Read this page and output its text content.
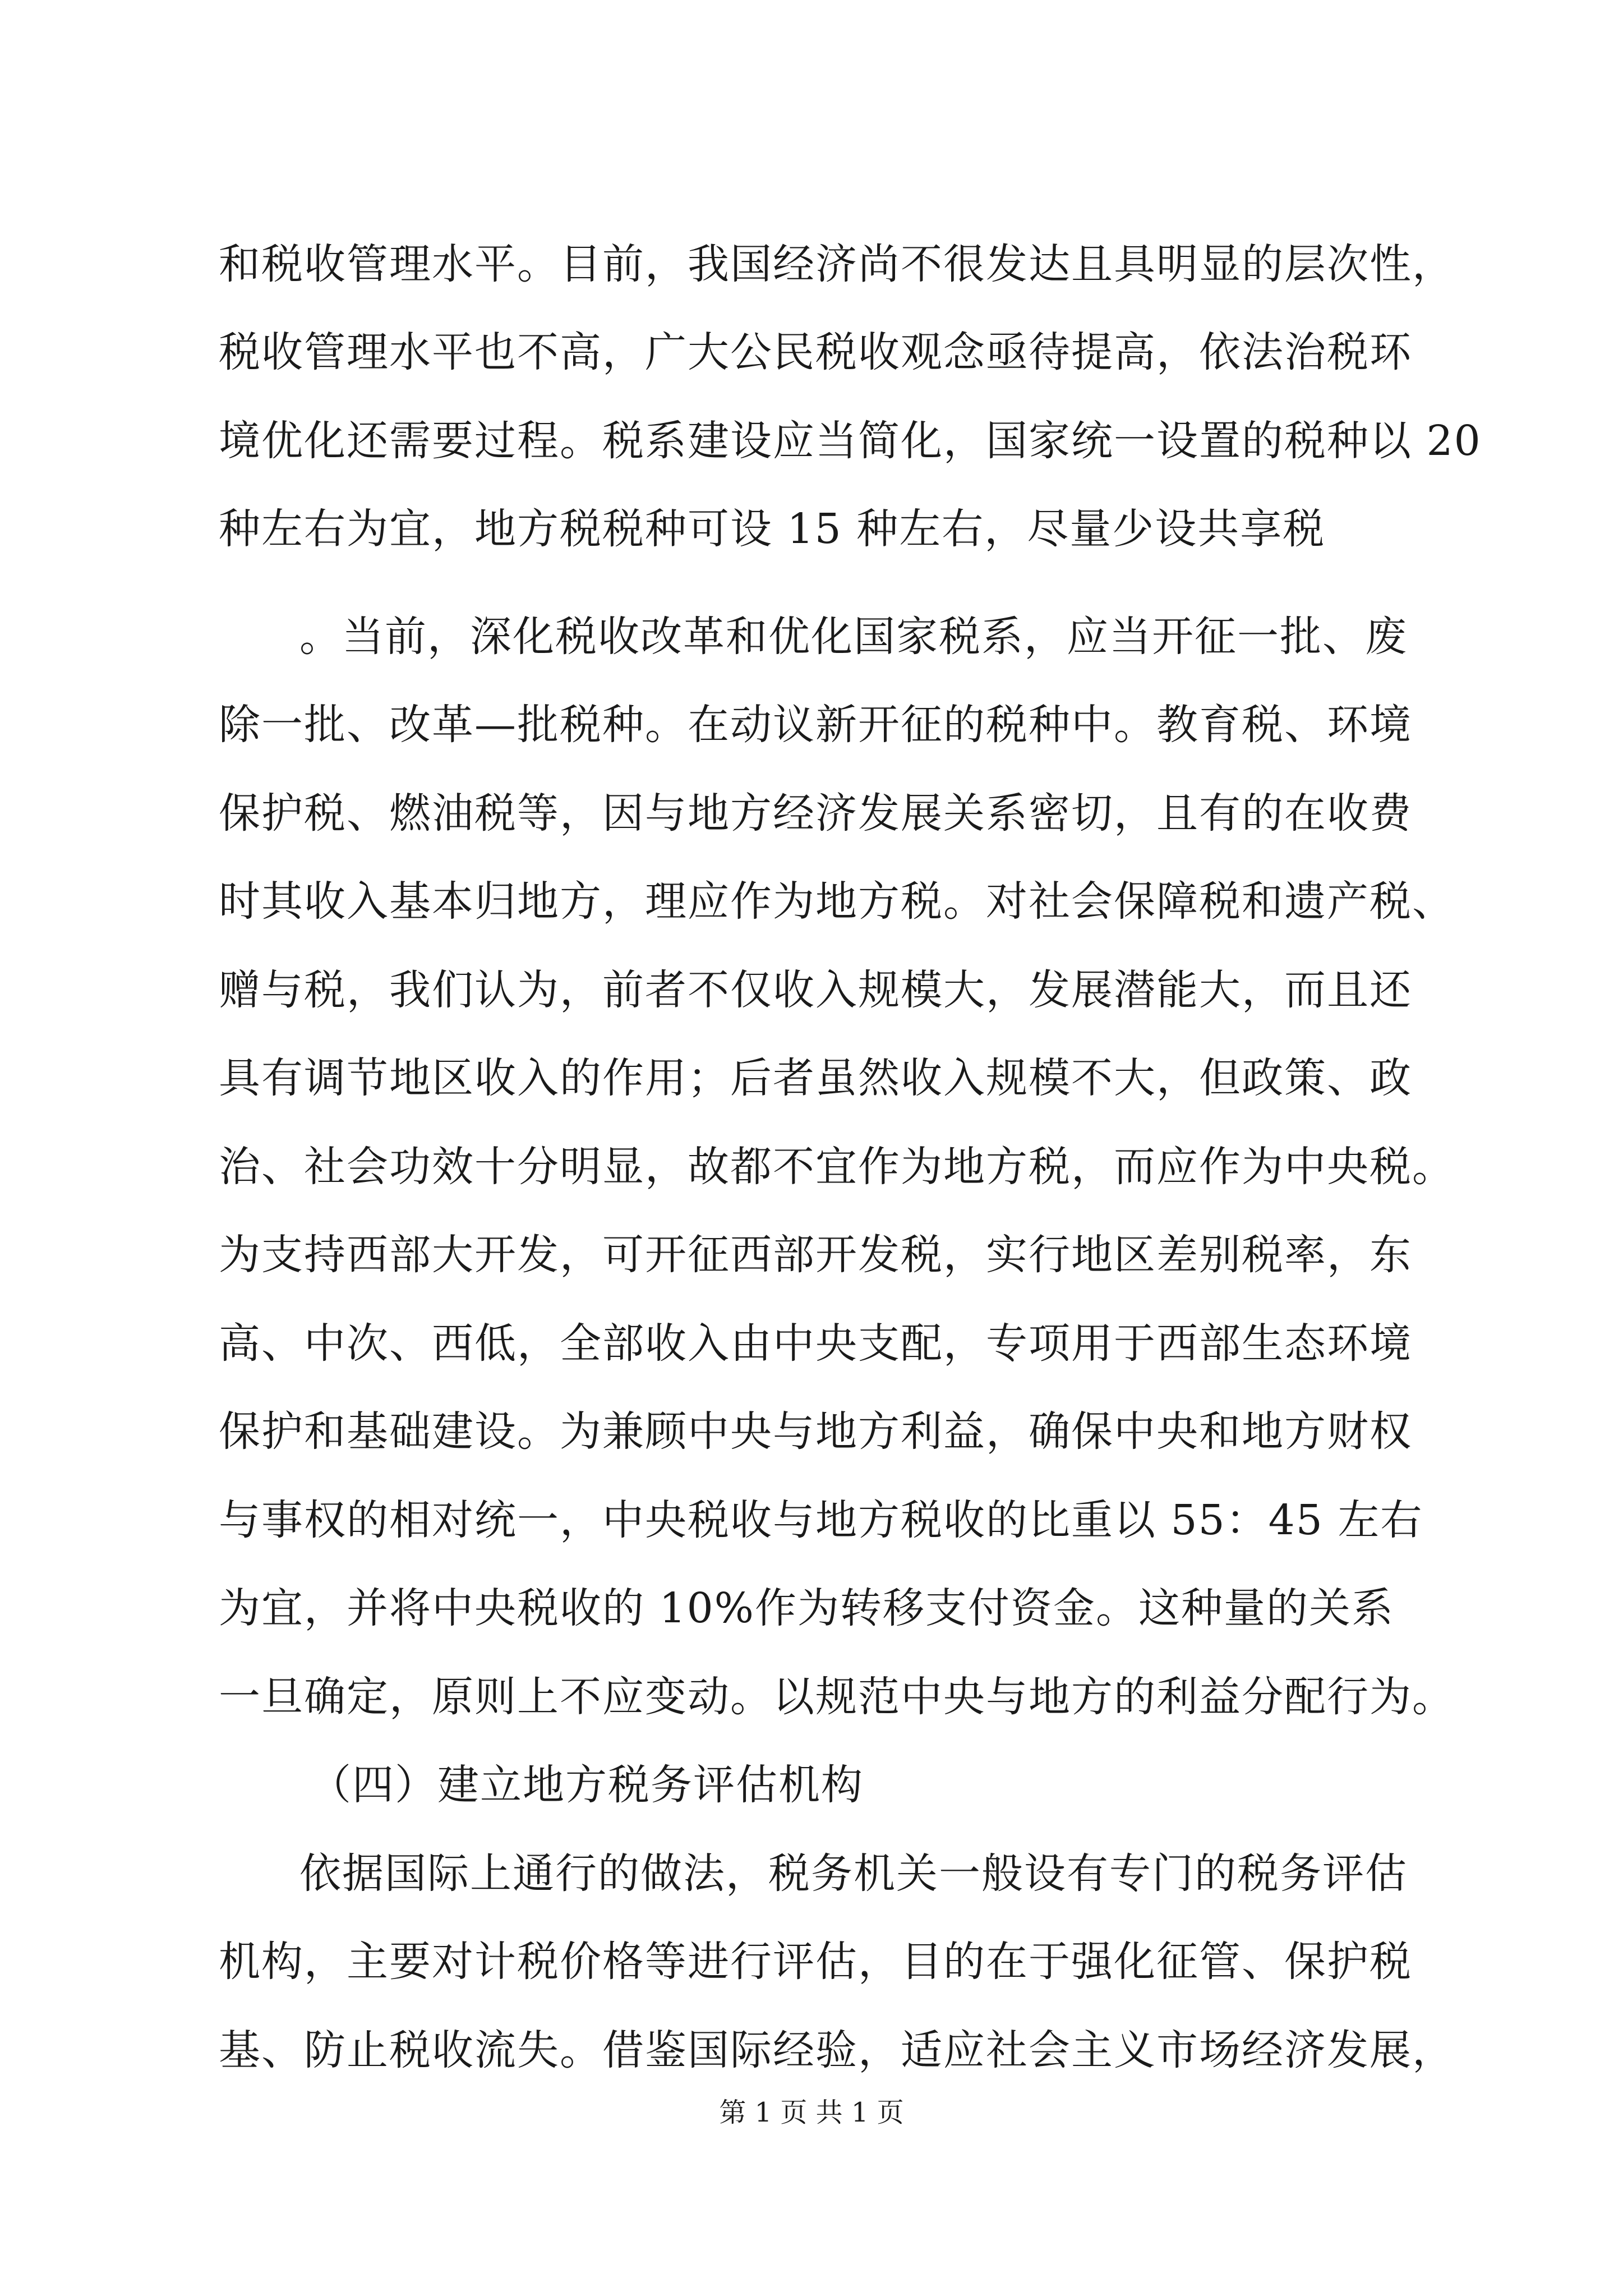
和税收管理水平。目前，我国经济尚不很发达且具明显的层次性，
税收管理水平也不高，广大公民税收观念亟待提高，依法治税环
境优化还需要过程。税系建设应当简化，国家统一设置的税种以 20
种左右为宜，地方税税种可设 15 种左右，尽量少设共享税
。当前，深化税收改革和优化国家税系，应当开征一批、废
除一批、改革—批税种。在动议新开征的税种中。教育税、环境
保护税、燃油税等，因与地方经济发展关系密切，且有的在收费
时其收入基本归地方，理应作为地方税。对社会保障税和遗产税、
赠与税，我们认为，前者不仅收入规模大，发展潜能大，而且还
具有调节地区收入的作用；后者虽然收入规模不大，但政策、政
治、社会功效十分明显，故都不宜作为地方税，而应作为中央税。
为支持西部大开发，可开征西部开发税，实行地区差别税率，东
高、中次、西低，全部收入由中央支配，专项用于西部生态环境
保护和基础建设。为兼顾中央与地方利益，确保中央和地方财权
与事权的相对统一，中央税收与地方税收的比重以 55：45 左右
为宜，并将中央税收的 10%作为转移支付资金。这种量的关系
一旦确定，原则上不应变动。以规范中央与地方的利益分配行为。
（四）建立地方税务评估机构
依据国际上通行的做法，税务机关一般设有专门的税务评估
机构，主要对计税价格等进行评估，目的在于强化征管、保护税
基、防止税收流失。借鉴国际经验，适应社会主义市场经济发展，
第 1 页 共 1 页
